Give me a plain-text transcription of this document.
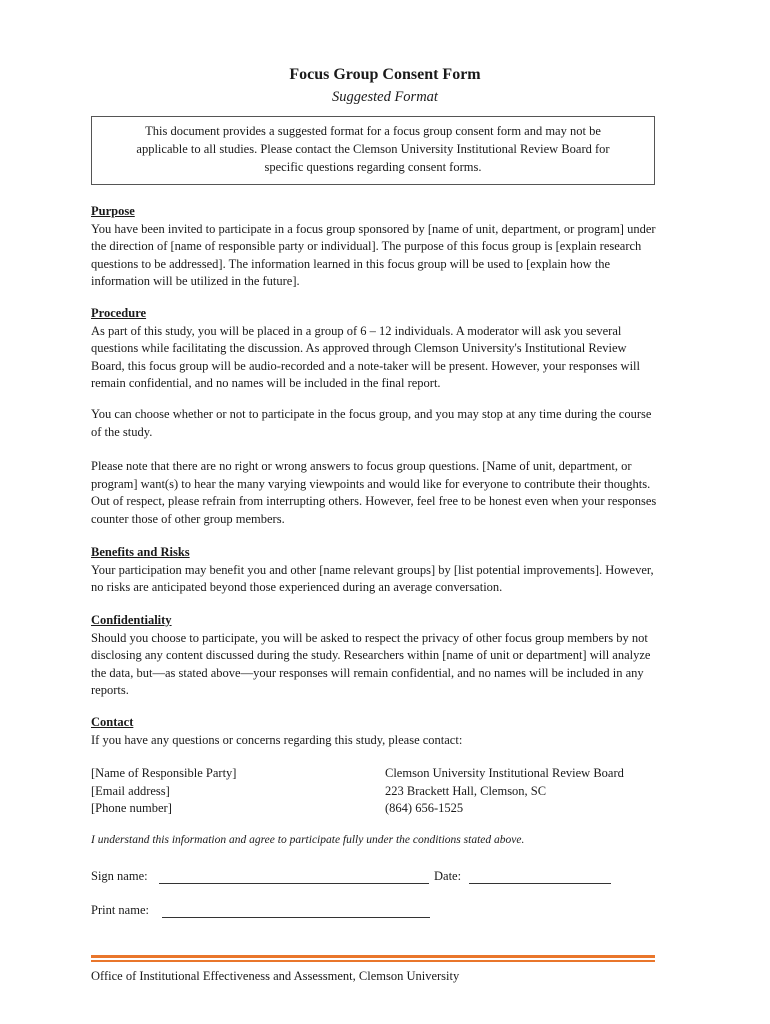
Focus Group Consent Form
Suggested Format
This document provides a suggested format for a focus group consent form and may not be
applicable to all studies. Please contact the Clemson University Institutional Review Board for
specific questions regarding consent forms.
Purpose

You have been invited to participate in a focus group sponsored by [name of unit, department, or program] under the direction of [name of responsible party or individual]. The purpose of this focus group is [explain research questions to be addressed]. The information learned in this focus group will be used to [explain how the information will be utilized in the future].

Procedure

As part of this study, you will be placed in a group of 6 – 12 individuals. A moderator will ask you several questions while facilitating the discussion. As approved through Clemson University's Institutional Review Board, this focus group will be audio-recorded and a note-taker will be present. However, your responses will remain confidential, and no names will be included in the final report.

You can choose whether or not to participate in the focus group, and you may stop at any time during the course of the study.

Please note that there are no right or wrong answers to focus group questions. [Name of unit, department, or program] want(s) to hear the many varying viewpoints and would like for everyone to contribute their thoughts. Out of respect, please refrain from interrupting others. However, feel free to be honest even when your responses counter those of other group members.

Benefits and Risks

Your participation may benefit you and other [name relevant groups] by [list potential improvements]. However, no risks are anticipated beyond those experienced during an average conversation.

Confidentiality

Should you choose to participate, you will be asked to respect the privacy of other focus group members by not disclosing any content discussed during the study. Researchers within [name of unit or department] will analyze the data, but—as stated above—your responses will remain confidential, and no names will be included in any reports.

Contact

If you have any questions or concerns regarding this study, please contact:

[Name of Responsible Party]
[Email address]
[Phone number]
Clemson University Institutional Review Board
223 Brackett Hall, Clemson, SC
(864) 656-1525
I understand this information and agree to participate fully under the conditions stated above.
Sign name:	Date:
Print name:
Office of Institutional Effectiveness and Assessment, Clemson University
